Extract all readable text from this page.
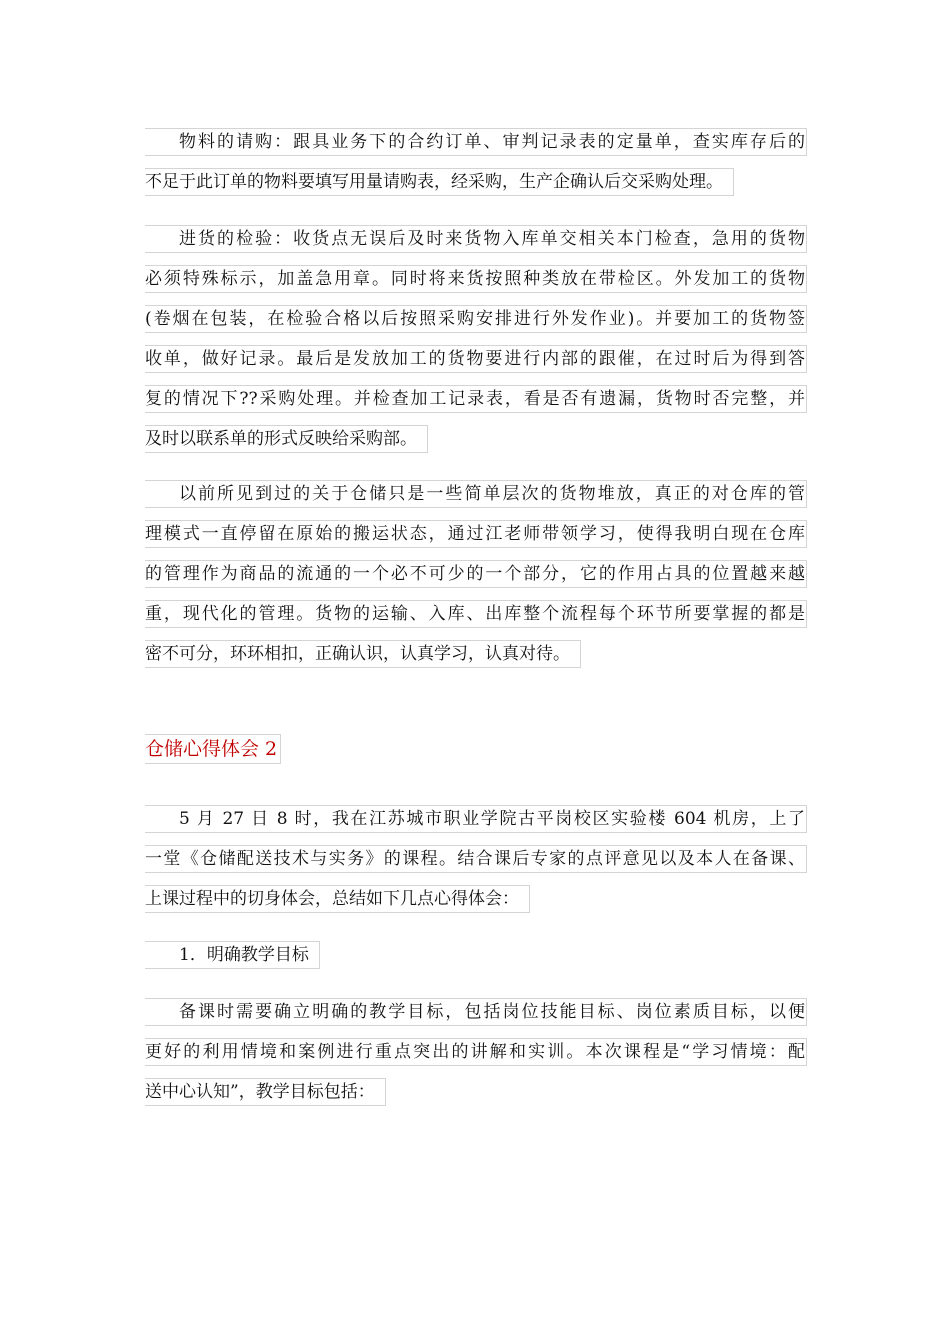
物料的请购：跟具业务下的合约订单、审判记录表的定量单，查实库存后的
不足于此订单的物料要填写用量请购表，经采购，生产企确认后交采购处理。
进货的检验：收货点无误后及时来货物入库单交相关本门检查，急用的货物
必须特殊标示，加盖急用章。同时将来货按照种类放在带检区。外发加工的货物
(卷烟在包装，在检验合格以后按照采购安排进行外发作业)。并要加工的货物签
收单，做好记录。最后是发放加工的货物要进行内部的跟催，在过时后为得到答
复的情况下??采购处理。并检查加工记录表，看是否有遗漏，货物时否完整，并
及时以联系单的形式反映给采购部。
以前所见到过的关于仓储只是一些简单层次的货物堆放，真正的对仓库的管
理模式一直停留在原始的搬运状态，通过江老师带领学习，使得我明白现在仓库
的管理作为商品的流通的一个必不可少的一个部分，它的作用占具的位置越来越
重，现代化的管理。货物的运输、入库、出库整个流程每个环节所要掌握的都是
密不可分，环环相扣，正确认识，认真学习，认真对待。
仓储心得体会 2
5 月 27 日 8 时，我在江苏城市职业学院古平岗校区实验楼 604 机房，上了
一堂《仓储配送技术与实务》的课程。结合课后专家的点评意见以及本人在备课、
上课过程中的切身体会，总结如下几点心得体会：
1．明确教学目标
备课时需要确立明确的教学目标，包括岗位技能目标、岗位素质目标，以便
更好的利用情境和案例进行重点突出的讲解和实训。本次课程是“学习情境：配
送中心认知”，教学目标包括：
